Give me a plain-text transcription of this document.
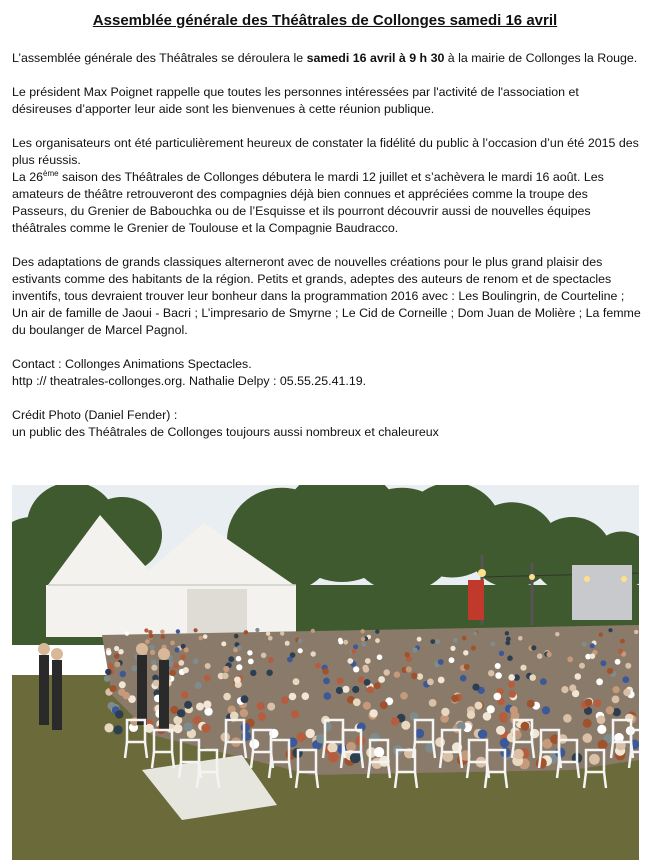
Assemblée générale des Théâtrales de Collonges samedi 16 avril

L’assemblée générale des Théâtrales se déroulera le samedi 16 avril à 9 h 30 à la mairie de Collonges la Rouge.

Le président Max Poignet rappelle que toutes les personnes intéressées par l'activité de l'association et désireuses d’apporter leur aide sont les bienvenues à cette réunion publique.

Les organisateurs ont été particulièrement heureux de constater la fidélité du public à l’occasion d’un été 2015 des plus réussis.

La 26ème saison des Théâtrales de Collonges débutera le mardi 12 juillet et s’achèvera le mardi 16 août. Les amateurs de théâtre retrouveront des compagnies déjà bien connues et appréciées comme la troupe des Passeurs, du Grenier de Babouchka ou de l’Esquisse et ils pourront découvrir aussi de nouvelles équipes théâtrales comme le Grenier de Toulouse et la Compagnie Baudracco.

Des adaptations de grands classiques alterneront avec de nouvelles créations pour le plus grand plaisir des estivants comme des habitants de la région. Petits et grands, adeptes des auteurs de renom et de spectacles inventifs, tous devraient trouver leur bonheur dans la programmation 2016 avec : Les Boulingrin, de Courteline ; Un air de famille de Jaoui - Bacri ; L’impresario de Smyrne ; Le Cid de Corneille ; Dom Juan de Molière ; La femme du boulanger de Marcel Pagnol.

Contact : Collonges Animations Spectacles.
http :// theatrales-collonges.org. Nathalie Delpy : 05.55.25.41.19.

Crédit Photo (Daniel Fender) :
un public des Théâtrales de Collonges toujours aussi nombreux et chaleureux
